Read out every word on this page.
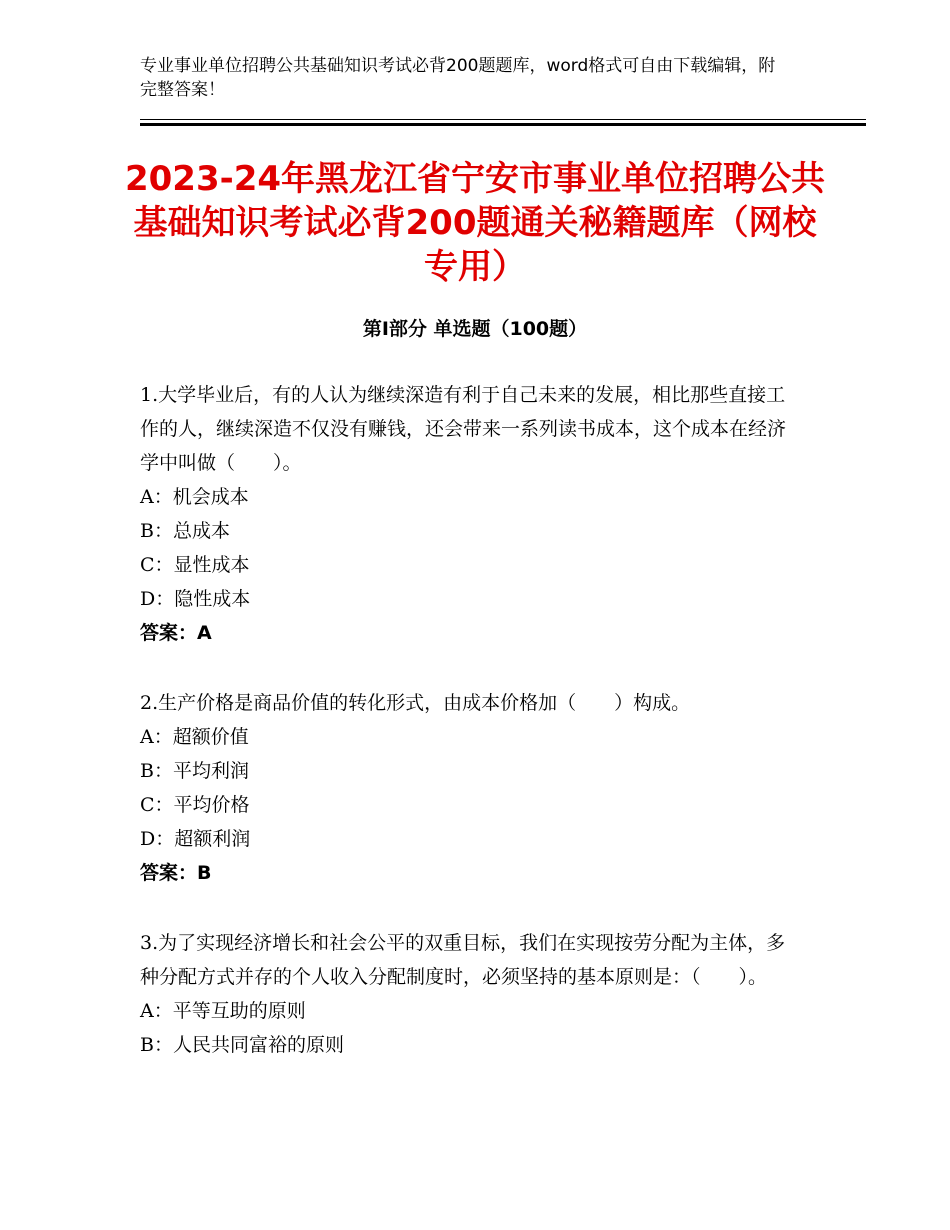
专业事业单位招聘公共基础知识考试必背200题题库，word格式可自由下载编辑，附完整答案！
2023-24年黑龙江省宁安市事业单位招聘公共基础知识考试必背200题通关秘籍题库（网校专用）
第I部分 单选题（100题）

1.大学毕业后，有的人认为继续深造有利于自己未来的发展，相比那些直接工作的人，继续深造不仅没有赚钱，还会带来一系列读书成本，这个成本在经济学中叫做（　　）。

A：机会成本

B：总成本

C：显性成本

D：隐性成本

答案：A

2.生产价格是商品价值的转化形式，由成本价格加（　　）构成。

A：超额价值

B：平均利润

C：平均价格

D：超额利润

答案：B

3.为了实现经济增长和社会公平的双重目标，我们在实现按劳分配为主体，多种分配方式并存的个人收入分配制度时，必须坚持的基本原则是：（　　）。

A：平等互助的原则

B：人民共同富裕的原则
